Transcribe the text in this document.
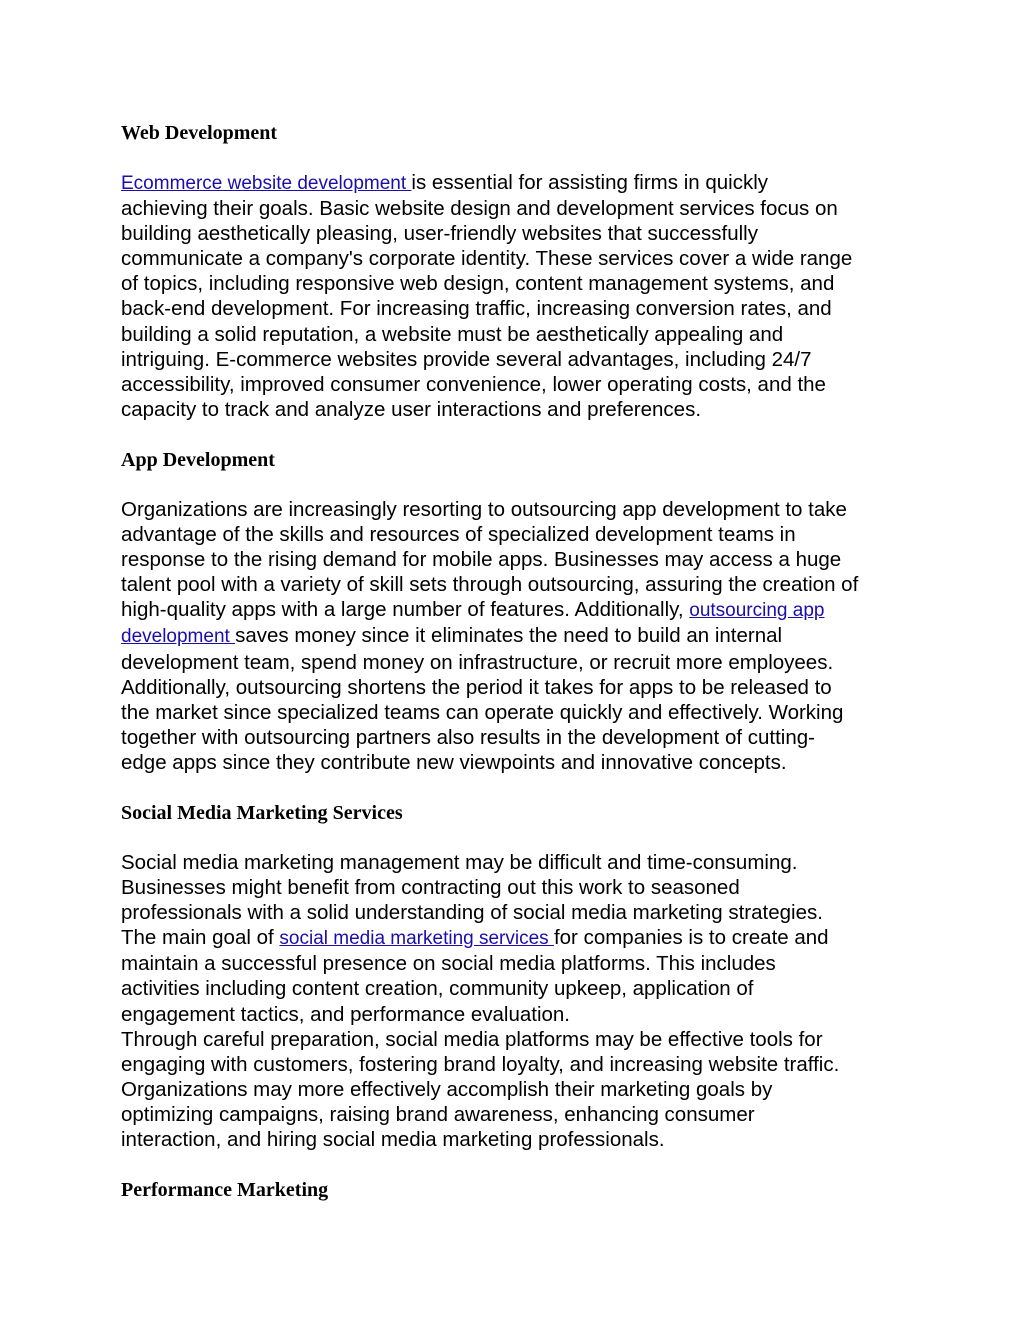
Web Development

Ecommerce website development is essential for assisting firms in quickly
achieving their goals. Basic website design and development services focus on
building aesthetically pleasing, user-friendly websites that successfully
communicate a company's corporate identity. These services cover a wide range
of topics, including responsive web design, content management systems, and
back-end development. For increasing traffic, increasing conversion rates, and
building a solid reputation, a website must be aesthetically appealing and
intriguing. E-commerce websites provide several advantages, including 24/7
accessibility, improved consumer convenience, lower operating costs, and the
capacity to track and analyze user interactions and preferences.

App Development

Organizations are increasingly resorting to outsourcing app development to take
advantage of the skills and resources of specialized development teams in
response to the rising demand for mobile apps. Businesses may access a huge
talent pool with a variety of skill sets through outsourcing, assuring the creation of
high-quality apps with a large number of features. Additionally, outsourcing app
development saves money since it eliminates the need to build an internal
development team, spend money on infrastructure, or recruit more employees.
Additionally, outsourcing shortens the period it takes for apps to be released to
the market since specialized teams can operate quickly and effectively. Working
together with outsourcing partners also results in the development of cutting-
edge apps since they contribute new viewpoints and innovative concepts.

Social Media Marketing Services

Social media marketing management may be difficult and time-consuming.
Businesses might benefit from contracting out this work to seasoned
professionals with a solid understanding of social media marketing strategies.
The main goal of social media marketing services for companies is to create and
maintain a successful presence on social media platforms. This includes
activities including content creation, community upkeep, application of
engagement tactics, and performance evaluation.
Through careful preparation, social media platforms may be effective tools for
engaging with customers, fostering brand loyalty, and increasing website traffic.
Organizations may more effectively accomplish their marketing goals by
optimizing campaigns, raising brand awareness, enhancing consumer
interaction, and hiring social media marketing professionals.

Performance Marketing
